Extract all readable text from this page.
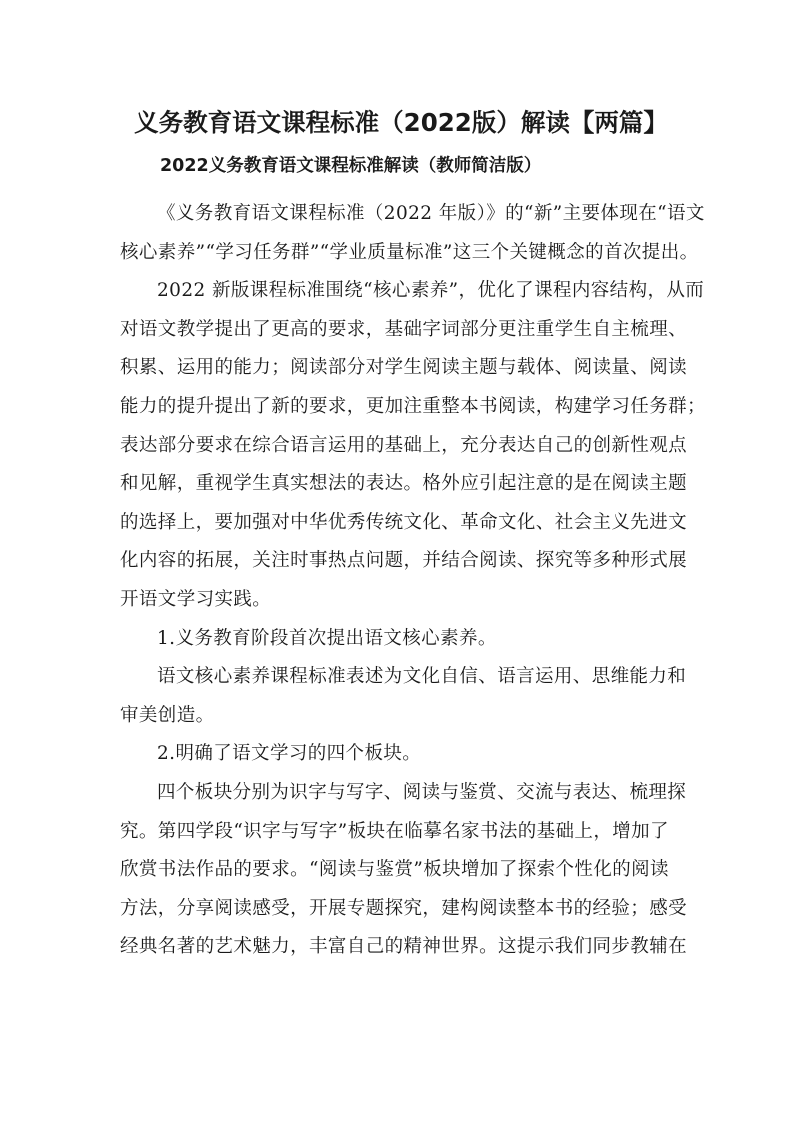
义务教育语文课程标准（2022版）解读【两篇】
2022义务教育语文课程标准解读（教师简洁版）

《义务教育语文课程标准（2022 年版）》的“新”主要体现在“语文
核心素养”“学习任务群”“学业质量标准”这三个关键概念的首次提出。

2022 新版课程标准围绕“核心素养”，优化了课程内容结构，从而
对语文教学提出了更高的要求，基础字词部分更注重学生自主梳理、
积累、运用的能力；阅读部分对学生阅读主题与载体、阅读量、阅读
能力的提升提出了新的要求，更加注重整本书阅读，构建学习任务群；
表达部分要求在综合语言运用的基础上，充分表达自己的创新性观点
和见解，重视学生真实想法的表达。格外应引起注意的是在阅读主题
的选择上，要加强对中华优秀传统文化、革命文化、社会主义先进文
化内容的拓展，关注时事热点问题，并结合阅读、探究等多种形式展
开语文学习实践。

1.义务教育阶段首次提出语文核心素养。

语文核心素养课程标准表述为文化自信、语言运用、思维能力和
审美创造。

2.明确了语文学习的四个板块。

四个板块分别为识字与写字、阅读与鉴赏、交流与表达、梳理探
究。第四学段“识字与写字”板块在临摹名家书法的基础上，增加了
欣赏书法作品的要求。“阅读与鉴赏”板块增加了探索个性化的阅读
方法，分享阅读感受，开展专题探究，建构阅读整本书的经验；感受
经典名著的艺术魅力，丰富自己的精神世界。这提示我们同步教辅在
